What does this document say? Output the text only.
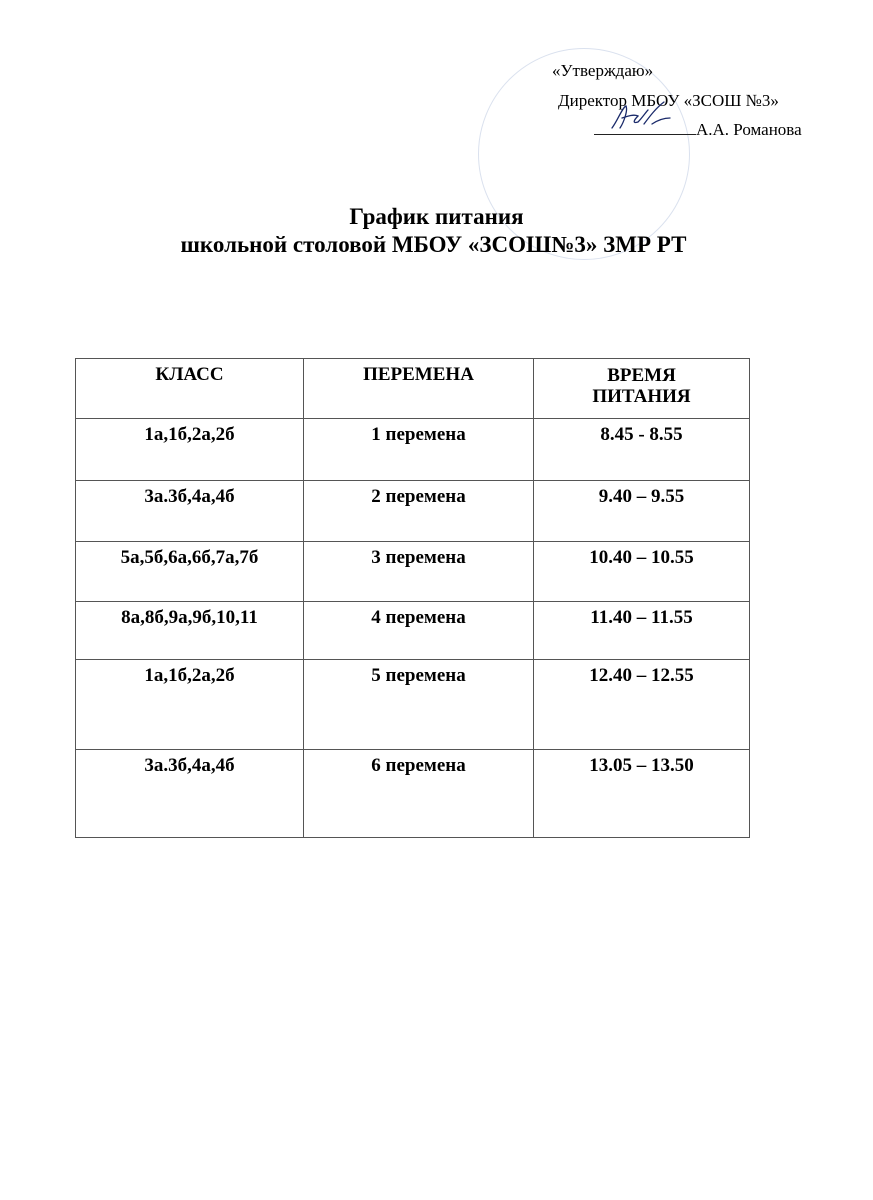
«Утверждаю»
Директор МБОУ «ЗСОШ №3»
А.А. Романова
График питания
школьной столовой МБОУ «ЗСОШ№3» ЗМР РТ
КЛАСС	ПЕРЕМЕНА	ВРЕМЯ ПИТАНИЯ
1а,1б,2а,2б	1 перемена	8.45 - 8.55
3а.3б,4а,4б	2 перемена	9.40 – 9.55
5а,5б,6а,6б,7а,7б	3 перемена	10.40 – 10.55
8а,8б,9а,9б,10,11	4 перемена	11.40 – 11.55
1а,1б,2а,2б	5 перемена	12.40 – 12.55
3а.3б,4а,4б	6 перемена	13.05 – 13.50
